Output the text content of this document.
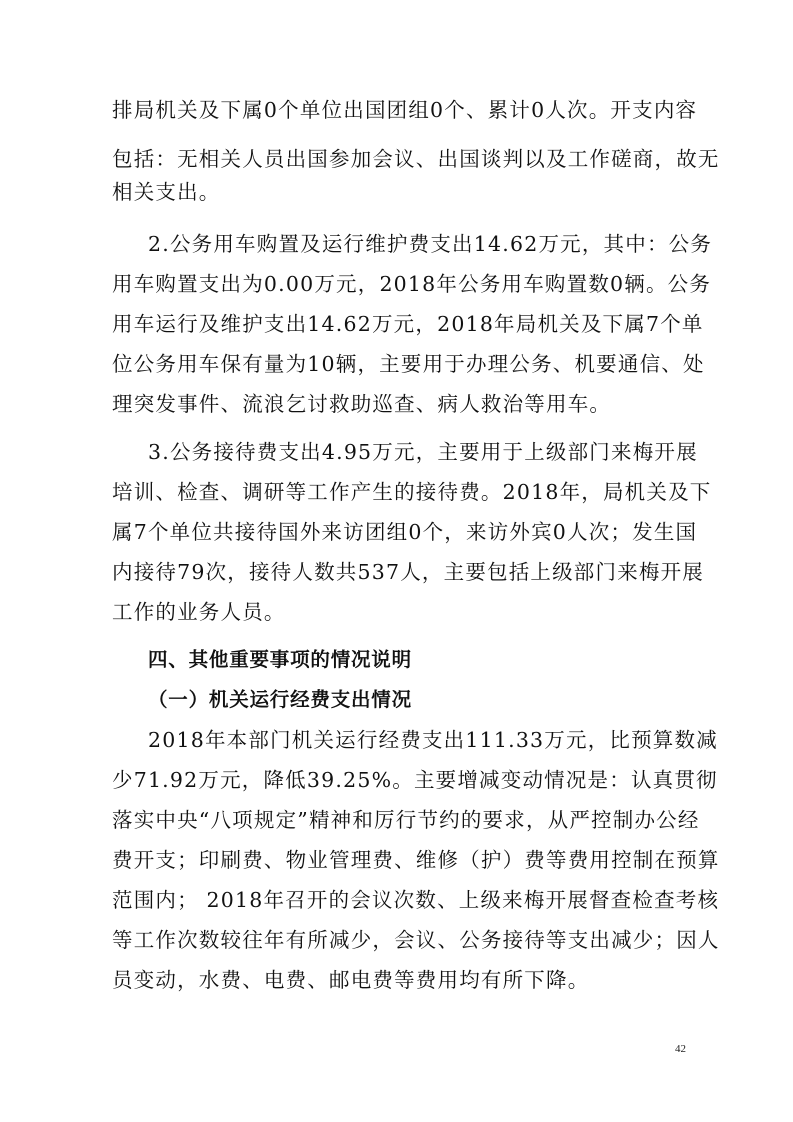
排局机关及下属0个单位出国团组0个、累计0人次。开支内容
包括：无相关人员出国参加会议、出国谈判以及工作磋商，故无
相关支出。
2.公务用车购置及运行维护费支出14.62万元，其中：公务
用车购置支出为0.00万元，2018年公务用车购置数0辆。公务
用车运行及维护支出14.62万元，2018年局机关及下属7个单
位公务用车保有量为10辆，主要用于办理公务、机要通信、处
理突发事件、流浪乞讨救助巡查、病人救治等用车。
3.公务接待费支出4.95万元，主要用于上级部门来梅开展
培训、检查、调研等工作产生的接待费。2018年，局机关及下
属7个单位共接待国外来访团组0个，来访外宾0人次；发生国
内接待79次，接待人数共537人，主要包括上级部门来梅开展
工作的业务人员。
四、其他重要事项的情况说明
（一）机关运行经费支出情况
2018年本部门机关运行经费支出111.33万元，比预算数减
少71.92万元，降低39.25%。主要增减变动情况是：认真贯彻
落实中央“八项规定”精神和厉行节约的要求，从严控制办公经
费开支；印刷费、物业管理费、维修（护）费等费用控制在预算
范围内； 2018年召开的会议次数、上级来梅开展督查检查考核
等工作次数较往年有所减少，会议、公务接待等支出减少；因人
员变动，水费、电费、邮电费等费用均有所下降。
42
